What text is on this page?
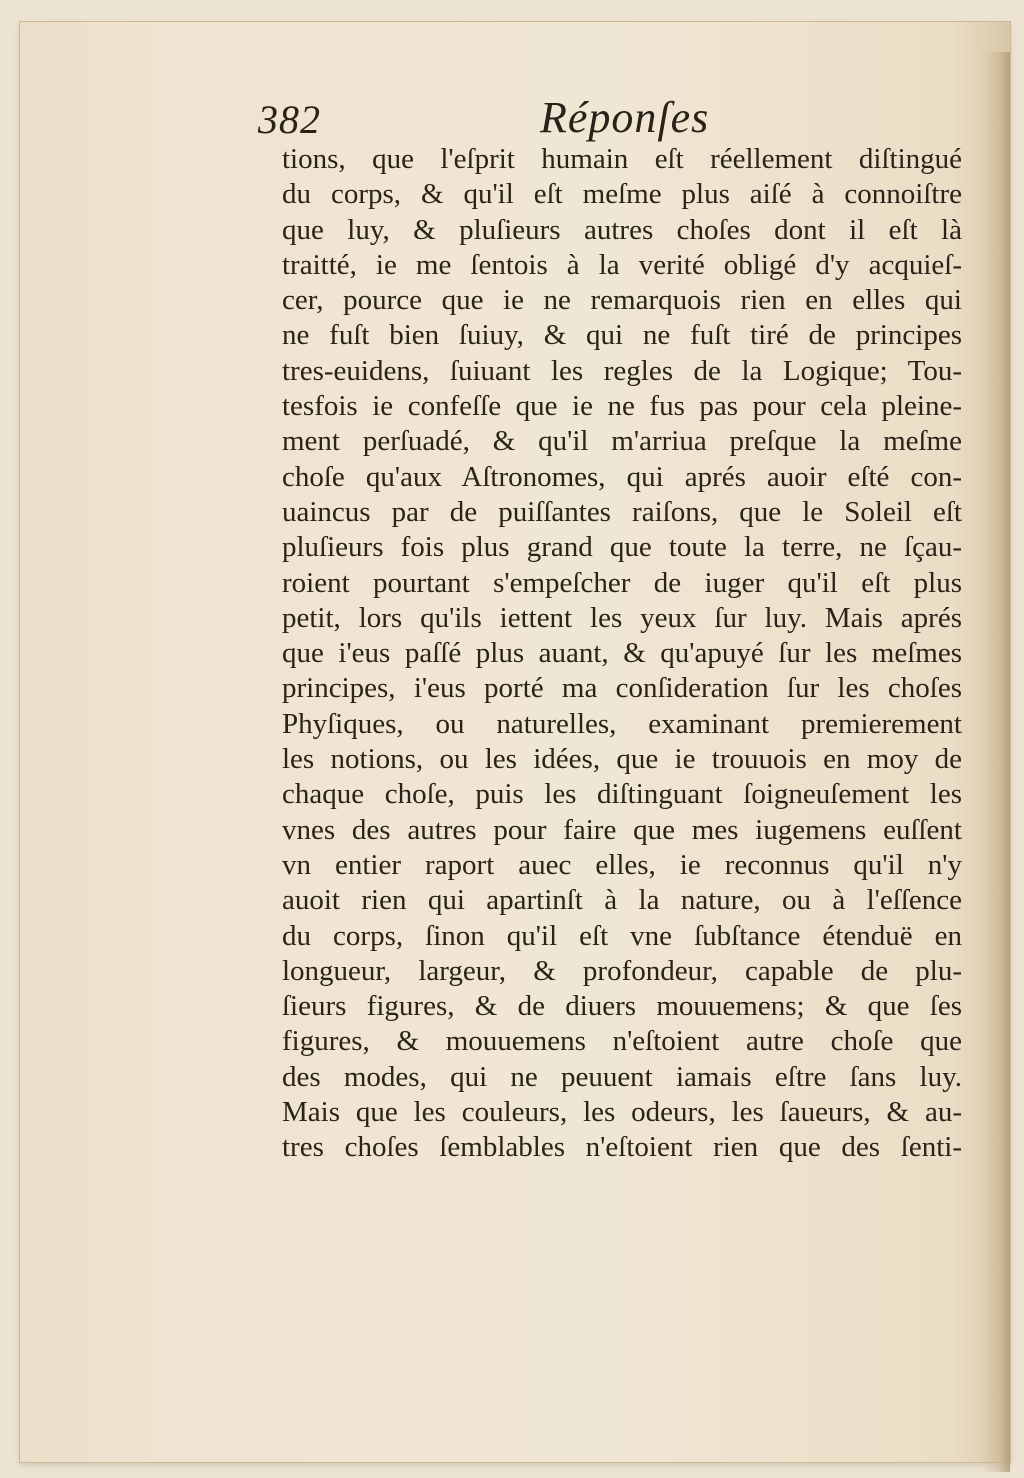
382	Réponſes
tions, que l'eſprit humain eſt réellement diſtingué
du corps, & qu'il eſt meſme plus aiſé à connoiſtre
que luy, & pluſieurs autres choſes dont il eſt là
traitté, ie me ſentois à la verité obligé d'y acquieſ-
cer, pource que ie ne remarquois rien en elles qui
ne fuſt bien ſuiuy, & qui ne fuſt tiré de principes
tres-euidens, ſuiuant les regles de la Logique; Tou-
tesfois ie confeſſe que ie ne fus pas pour cela pleine-
ment perſuadé, & qu'il m'arriua preſque la meſme
choſe qu'aux Aſtronomes, qui aprés auoir eſté con-
uaincus par de puiſſantes raiſons, que le Soleil eſt
pluſieurs fois plus grand que toute la terre, ne ſçau-
roient pourtant s'empeſcher de iuger qu'il eſt plus
petit, lors qu'ils iettent les yeux ſur luy. Mais aprés
que i'eus paſſé plus auant, & qu'apuyé ſur les meſmes
principes, i'eus porté ma conſideration ſur les choſes
Phyſiques, ou naturelles, examinant premierement
les notions, ou les idées, que ie trouuois en moy de
chaque choſe, puis les diſtinguant ſoigneuſement les
vnes des autres pour faire que mes iugemens euſſent
vn entier raport auec elles, ie reconnus qu'il n'y
auoit rien qui apartinſt à la nature, ou à l'eſſence
du corps, ſinon qu'il eſt vne ſubſtance étenduë en
longueur, largeur, & profondeur, capable de plu-
ſieurs figures, & de diuers mouuemens; & que ſes
figures, & mouuemens n'eſtoient autre choſe que
des modes, qui ne peuuent iamais eſtre ſans luy.
Mais que les couleurs, les odeurs, les ſaueurs, & au-
tres choſes ſemblables n'eſtoient rien que des ſenti-
